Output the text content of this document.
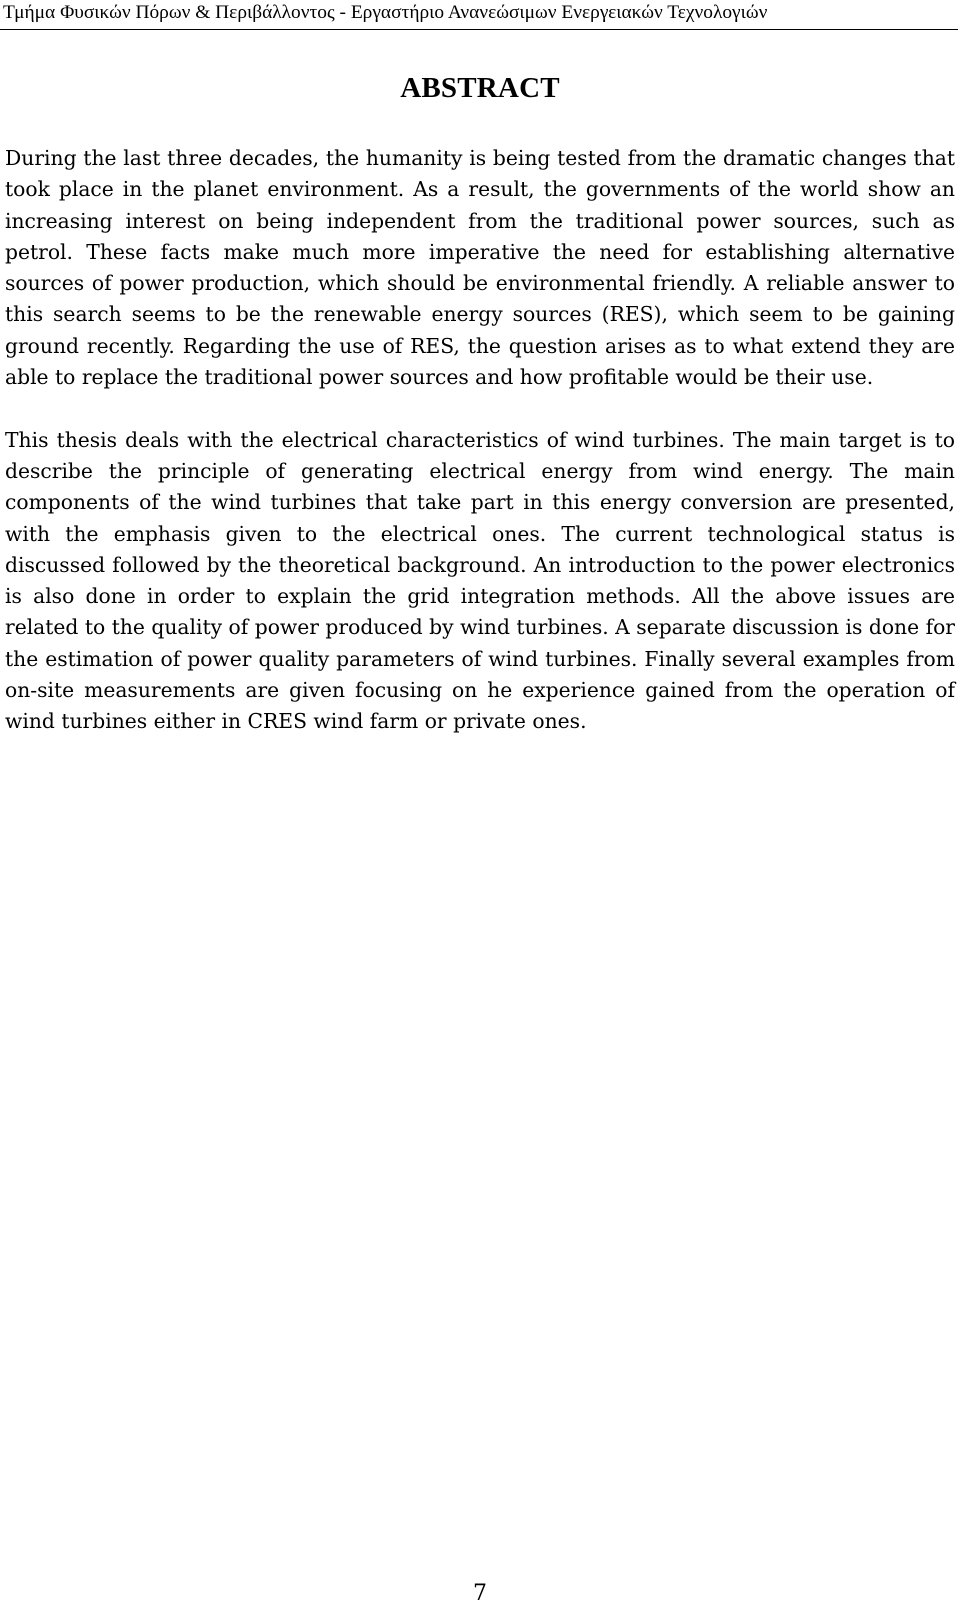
Τμήμα Φυσικών Πόρων & Περιβάλλοντος - Εργαστήριο Ανανεώσιμων Ενεργειακών Τεχνολογιών
ABSTRACT

During the last three decades, the humanity is being tested from the dramatic changes that took place in the planet environment. As a result, the governments of the world show an increasing interest on being independent from the traditional power sources, such as petrol. These facts make much more imperative the need for establishing alternative sources of power production, which should be environmental friendly. A reliable answer to this search seems to be the renewable energy sources (RES), which seem to be gaining ground recently. Regarding the use of RES, the question arises as to what extend they are able to replace the traditional power sources and how profitable would be their use.

This thesis deals with the electrical characteristics of wind turbines. The main target is to describe the principle of generating electrical energy from wind energy. The main components of the wind turbines that take part in this energy conversion are presented, with the emphasis given to the electrical ones. The current technological status is discussed followed by the theoretical background. An introduction to the power electronics is also done in order to explain the grid integration methods. All the above issues are related to the quality of power produced by wind turbines. A separate discussion is done for the estimation of power quality parameters of wind turbines. Finally several examples from on-site measurements are given focusing on he experience gained from the operation of wind turbines either in CRES wind farm or private ones.

7
